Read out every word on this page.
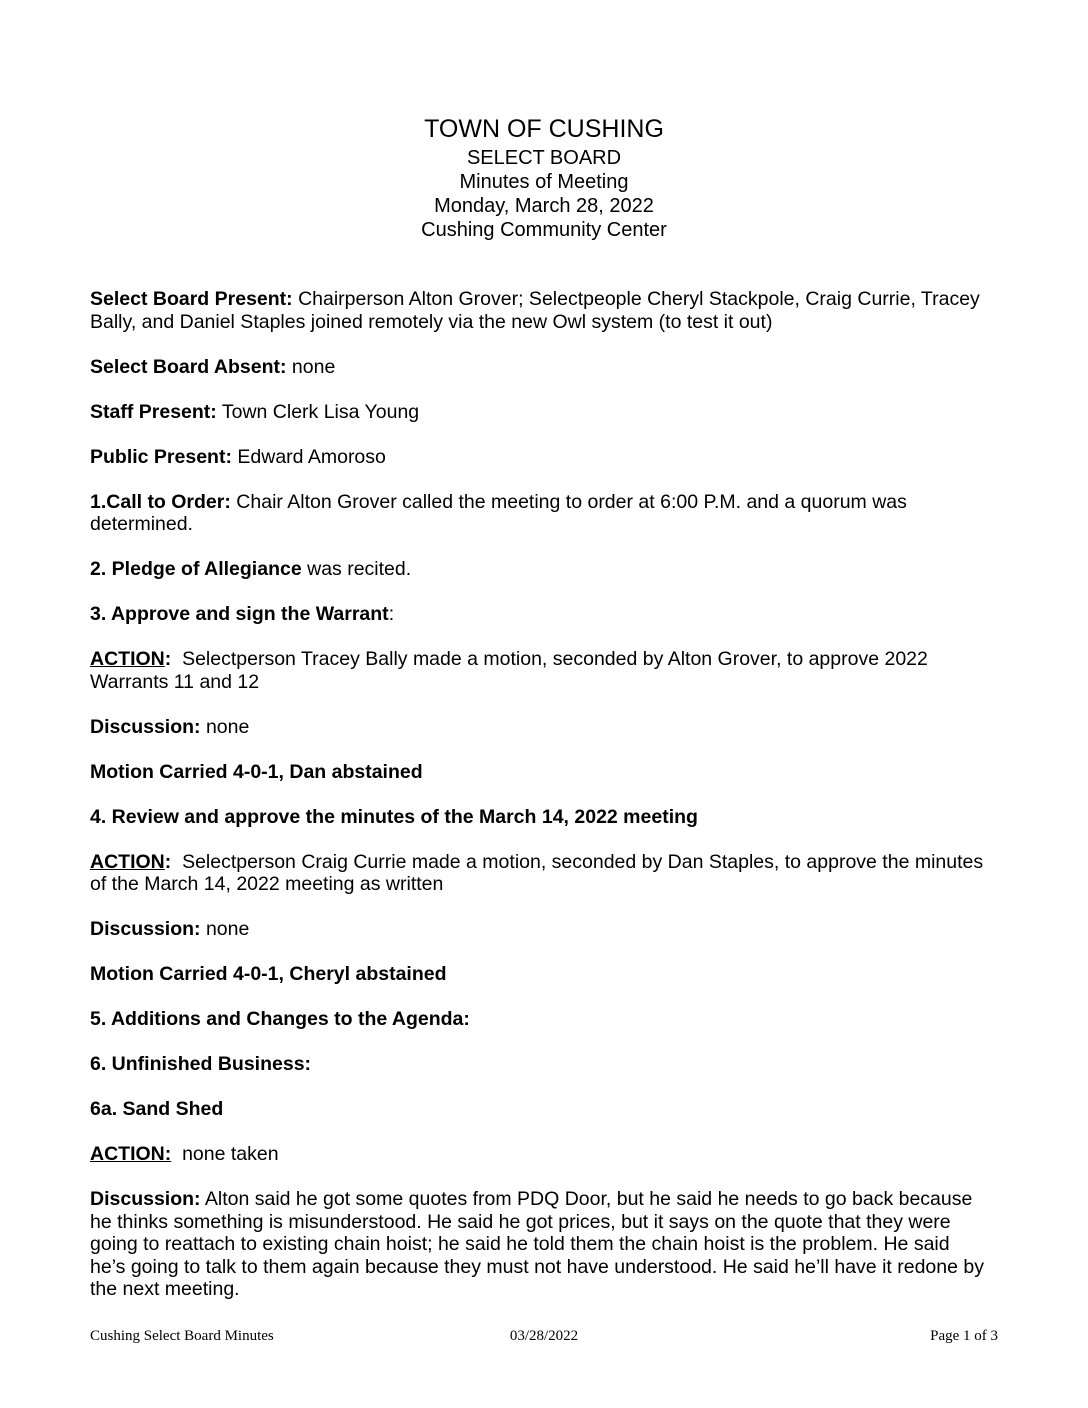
TOWN OF CUSHING
SELECT BOARD
Minutes of Meeting
Monday, March 28, 2022
Cushing Community Center

Select Board Present: Chairperson Alton Grover; Selectpeople Cheryl Stackpole, Craig Currie, Tracey Bally, and Daniel Staples joined remotely via the new Owl system (to test it out)

Select Board Absent: none

Staff Present: Town Clerk Lisa Young

Public Present: Edward Amoroso

1.Call to Order: Chair Alton Grover called the meeting to order at 6:00 P.M. and a quorum was determined.

2. Pledge of Allegiance was recited.

3. Approve and sign the Warrant:

ACTION:  Selectperson Tracey Bally made a motion, seconded by Alton Grover, to approve 2022 Warrants 11 and 12

Discussion: none

Motion Carried 4-0-1, Dan abstained

4. Review and approve the minutes of the March 14, 2022 meeting

ACTION:  Selectperson Craig Currie made a motion, seconded by Dan Staples, to approve the minutes of the March 14, 2022 meeting as written

Discussion: none

Motion Carried 4-0-1, Cheryl abstained

5. Additions and Changes to the Agenda:

6. Unfinished Business:

6a. Sand Shed

ACTION:  none taken

Discussion: Alton said he got some quotes from PDQ Door, but he said he needs to go back because he thinks something is misunderstood. He said he got prices, but it says on the quote that they were going to reattach to existing chain hoist; he said he told them the chain hoist is the problem. He said he’s going to talk to them again because they must not have understood. He said he’ll have it redone by the next meeting.

Cushing Select Board Minutes	03/28/2022	Page 1 of 3
